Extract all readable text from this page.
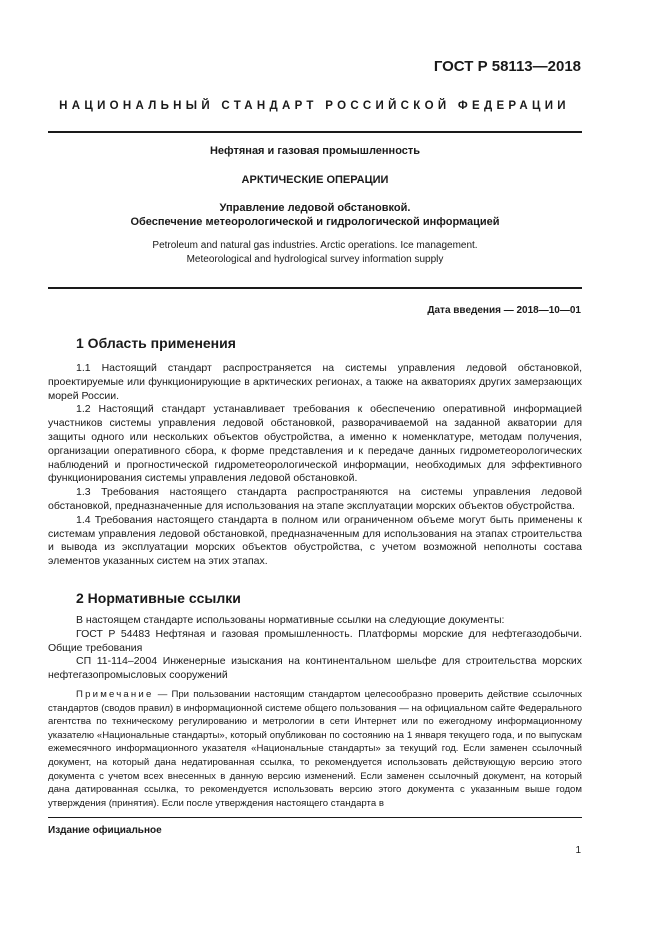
ГОСТ Р 58113—2018
НАЦИОНАЛЬНЫЙ СТАНДАРТ РОССИЙСКОЙ ФЕДЕРАЦИИ
Нефтяная и газовая промышленность
АРКТИЧЕСКИЕ ОПЕРАЦИИ
Управление ледовой обстановкой.
Обеспечение метеорологической и гидрологической информацией
Petroleum and natural gas industries. Arctic operations. Ice management.
Meteorological and hydrological survey information supply
Дата введения — 2018—10—01
1 Область применения

1.1 Настоящий стандарт распространяется на системы управления ледовой обстановкой, проектируемые или функционирующие в арктических регионах, а также на акваториях других замерзающих морей России.

1.2 Настоящий стандарт устанавливает требования к обеспечению оперативной информацией участников системы управления ледовой обстановкой, разворачиваемой на заданной акватории для защиты одного или нескольких объектов обустройства, а именно к номенклатуре, методам получения, организации оперативного сбора, к форме представления и к передаче данных гидрометеорологических наблюдений и прогностической гидрометеорологической информации, необходимых для эффективного функционирования системы управления ледовой обстановкой.

1.3 Требования настоящего стандарта распространяются на системы управления ледовой обстановкой, предназначенные для использования на этапе эксплуатации морских объектов обустройства.

1.4 Требования настоящего стандарта в полном или ограниченном объеме могут быть применены к системам управления ледовой обстановкой, предназначенным для использования на этапах строительства и вывода из эксплуатации морских объектов обустройства, с учетом возможной неполноты состава элементов указанных систем на этих этапах.

2 Нормативные ссылки

В настоящем стандарте использованы нормативные ссылки на следующие документы:

ГОСТ Р 54483 Нефтяная и газовая промышленность. Платформы морские для нефтегазодобычи. Общие требования

СП 11-114–2004 Инженерные изыскания на континентальном шельфе для строительства морских нефтегазопромысловых сооружений

Примечание — При пользовании настоящим стандартом целесообразно проверить действие ссылочных стандартов (сводов правил) в информационной системе общего пользования — на официальном сайте Федерального агентства по техническому регулированию и метрологии в сети Интернет или по ежегодному информационному указателю «Национальные стандарты», который опубликован по состоянию на 1 января текущего года, и по выпускам ежемесячного информационного указателя «Национальные стандарты» за текущий год. Если заменен ссылочный документ, на который дана недатированная ссылка, то рекомендуется использовать действующую версию этого документа с учетом всех внесенных в данную версию изменений. Если заменен ссылочный документ, на который дана датированная ссылка, то рекомендуется использовать версию этого документа с указанным выше годом утверждения (принятия). Если после утверждения настоящего стандарта в

Издание официальное
1
